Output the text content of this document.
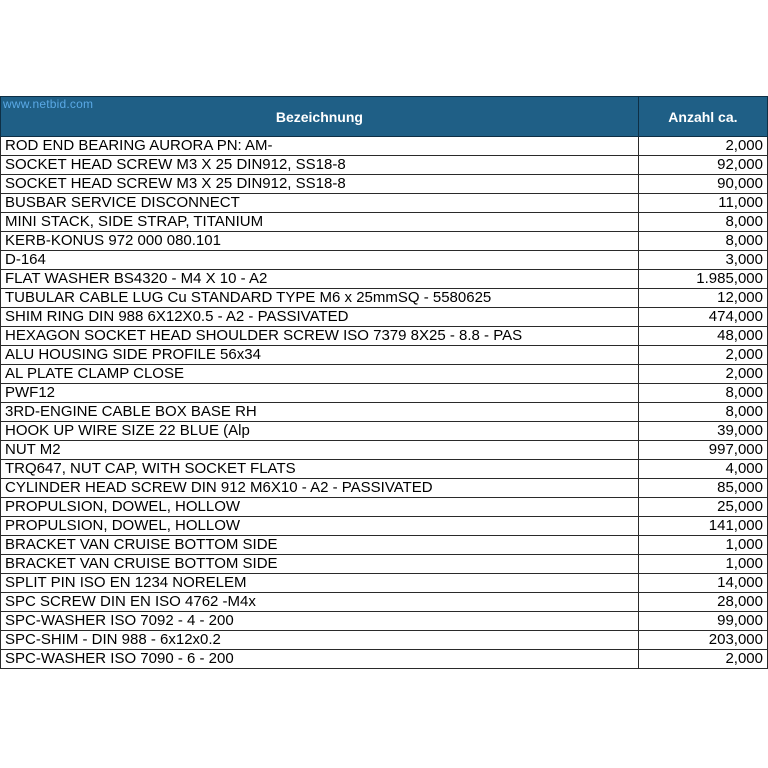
www.netbid.com
Bezeichnung	Anzahl ca.
ROD END BEARING AURORA PN: AM-	2,000
SOCKET HEAD SCREW M3 X 25 DIN912, SS18-8	92,000
SOCKET HEAD SCREW M3 X 25 DIN912, SS18-8	90,000
BUSBAR SERVICE DISCONNECT	11,000
MINI STACK, SIDE STRAP, TITANIUM	8,000
KERB-KONUS 972 000 080.101	8,000
D-164	3,000
FLAT WASHER BS4320 - M4 X 10 - A2	1.985,000
TUBULAR CABLE LUG Cu STANDARD TYPE M6 x 25mmSQ - 5580625	12,000
SHIM RING DIN 988 6X12X0.5 - A2 - PASSIVATED	474,000
HEXAGON SOCKET HEAD SHOULDER SCREW ISO 7379 8X25 - 8.8 - PAS	48,000
ALU HOUSING SIDE PROFILE 56x34	2,000
AL PLATE CLAMP CLOSE	2,000
PWF12	8,000
3RD-ENGINE CABLE BOX BASE RH	8,000
HOOK UP WIRE SIZE 22 BLUE (Alp	39,000
NUT M2	997,000
TRQ647, NUT CAP, WITH SOCKET FLATS	4,000
CYLINDER HEAD SCREW DIN 912 M6X10 - A2 - PASSIVATED	85,000
PROPULSION, DOWEL, HOLLOW	25,000
PROPULSION, DOWEL, HOLLOW	141,000
BRACKET VAN CRUISE BOTTOM SIDE	1,000
BRACKET VAN CRUISE BOTTOM SIDE	1,000
SPLIT PIN ISO EN 1234 NORELEM	14,000
SPC SCREW DIN EN ISO 4762 -M4x	28,000
SPC-WASHER ISO 7092 - 4 - 200	99,000
SPC-SHIM - DIN 988 - 6x12x0.2	203,000
SPC-WASHER ISO 7090 - 6 - 200	2,000
